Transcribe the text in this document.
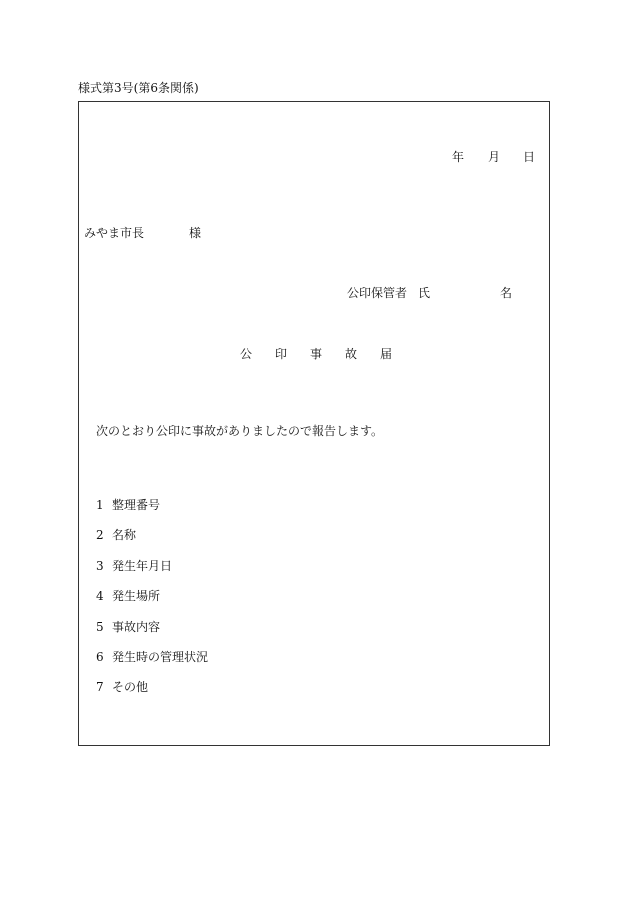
様式第3号(第6条関係)
年 月 日
みやま市長	様
公印保管者 氏	名
公 印 事 故 届
次のとおり公印に事故がありましたので報告します。
1 整理番号
2 名称
3 発生年月日
4 発生場所
5 事故内容
6 発生時の管理状況
7 その他
